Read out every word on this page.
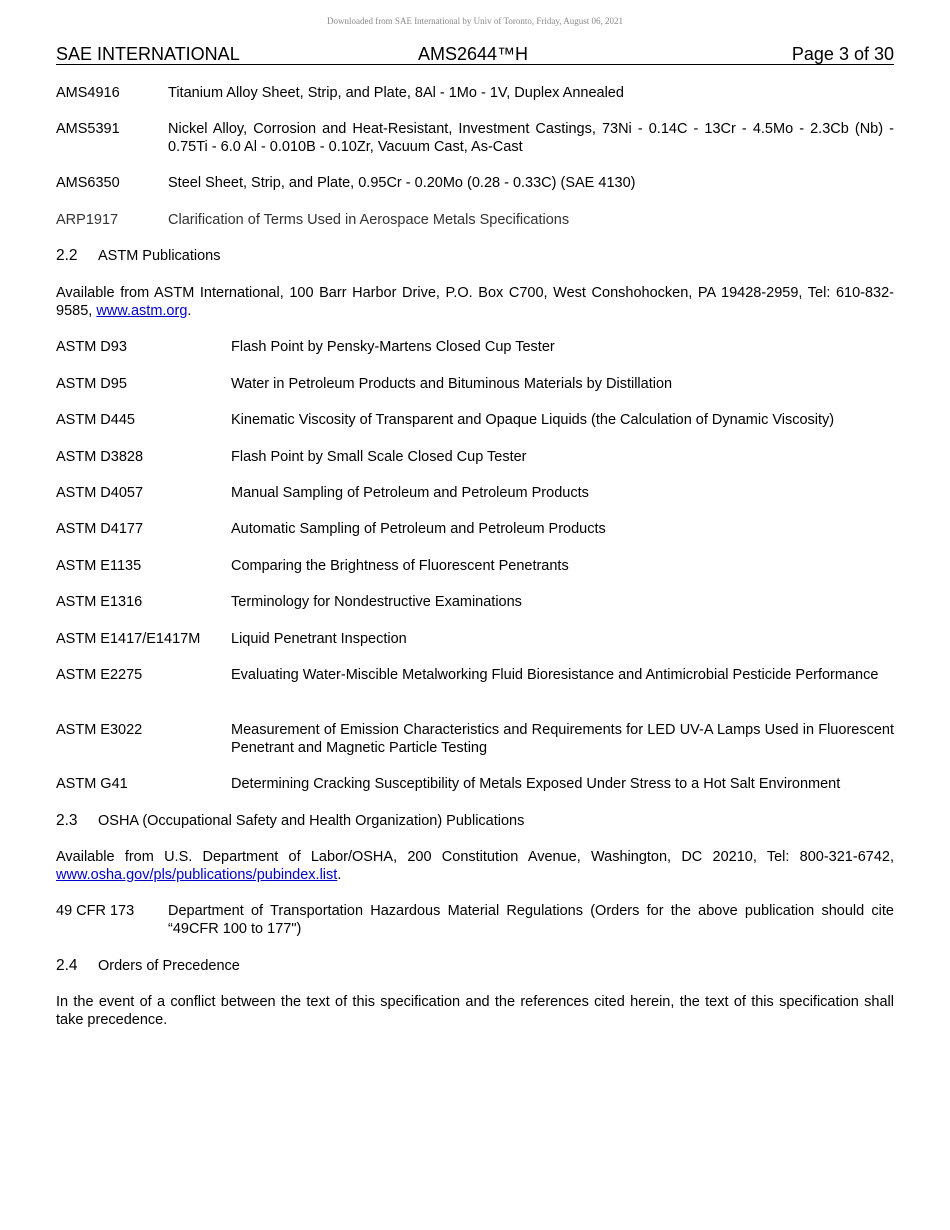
Downloaded from SAE International by Univ of Toronto, Friday, August 06, 2021
SAE INTERNATIONAL	AMS2644™H	Page 3 of 30
AMS4916	Titanium Alloy Sheet, Strip, and Plate, 8Al - 1Mo - 1V, Duplex Annealed
AMS5391	Nickel Alloy, Corrosion and Heat-Resistant, Investment Castings, 73Ni - 0.14C - 13Cr - 4.5Mo - 2.3Cb (Nb) - 0.75Ti - 6.0 Al - 0.010B - 0.10Zr, Vacuum Cast, As-Cast
AMS6350	Steel Sheet, Strip, and Plate, 0.95Cr - 0.20Mo (0.28 - 0.33C) (SAE 4130)
ARP1917	Clarification of Terms Used in Aerospace Metals Specifications
2.2 ASTM Publications
Available from ASTM International, 100 Barr Harbor Drive, P.O. Box C700, West Conshohocken, PA 19428-2959, Tel: 610-832-9585, www.astm.org.
ASTM D93	Flash Point by Pensky-Martens Closed Cup Tester
ASTM D95	Water in Petroleum Products and Bituminous Materials by Distillation
ASTM D445	Kinematic Viscosity of Transparent and Opaque Liquids (the Calculation of Dynamic Viscosity)
ASTM D3828	Flash Point by Small Scale Closed Cup Tester
ASTM D4057	Manual Sampling of Petroleum and Petroleum Products
ASTM D4177	Automatic Sampling of Petroleum and Petroleum Products
ASTM E1135	Comparing the Brightness of Fluorescent Penetrants
ASTM E1316	Terminology for Nondestructive Examinations
ASTM E1417/E1417M Liquid Penetrant Inspection
ASTM E2275	Evaluating Water-Miscible Metalworking Fluid Bioresistance and Antimicrobial Pesticide Performance
ASTM E3022	Measurement of Emission Characteristics and Requirements for LED UV-A Lamps Used in Fluorescent Penetrant and Magnetic Particle Testing
ASTM G41	Determining Cracking Susceptibility of Metals Exposed Under Stress to a Hot Salt Environment
2.3 OSHA (Occupational Safety and Health Organization) Publications
Available from U.S. Department of Labor/OSHA, 200 Constitution Avenue, Washington, DC 20210, Tel: 800-321-6742, www.osha.gov/pls/publications/pubindex.list.
49 CFR 173 Department of Transportation Hazardous Material Regulations (Orders for the above publication should cite “49CFR 100 to 177")
2.4 Orders of Precedence
In the event of a conflict between the text of this specification and the references cited herein, the text of this specification shall take precedence.
